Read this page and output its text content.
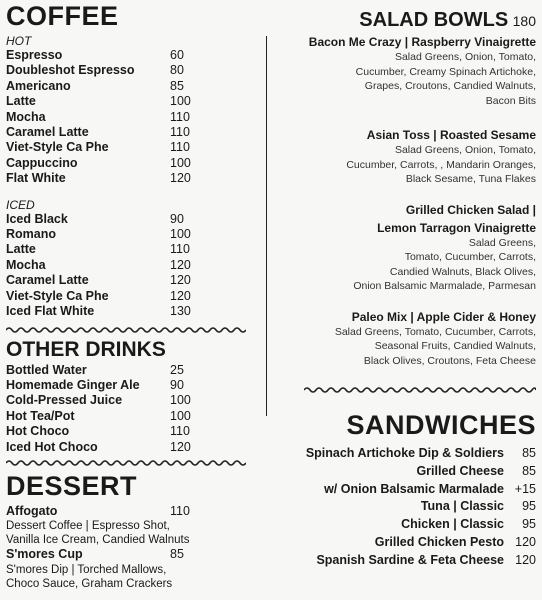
COFFEE

HOT

Espresso	60
Doubleshot Espresso	80
Americano	85
Latte	100
Mocha	110
Caramel Latte	110
Viet-Style Ca Phe	110
Cappuccino	100
Flat White	120

ICED

Iced Black	90
Romano	100
Latte	110
Mocha	120
Caramel Latte	120
Viet-Style Ca Phe	120
Iced Flat White	130
OTHER DRINKS
Bottled Water	25
Homemade Ginger Ale	90
Cold-Pressed Juice	100
Hot Tea/Pot	100
Hot Choco	110
Iced Hot Choco	120
DESSERT
Affogato	110
Dessert Coffee | Espresso Shot,
Vanilla Ice Cream, Candied Walnuts
S'mores Cup	85
S'mores Dip | Torched Mallows,
Choco Sauce, Graham Crackers
SALAD BOWLS 180
Bacon Me Crazy | Raspberry Vinaigrette
Salad Greens, Onion, Tomato,
Cucumber, Creamy Spinach Artichoke,
Grapes, Croutons, Candied Walnuts,
Bacon Bits
Asian Toss | Roasted Sesame
Salad Greens, Onion, Tomato,
Cucumber, Carrots, , Mandarin Oranges,
Black Sesame, Tuna Flakes
Grilled Chicken Salad |
Lemon Tarragon Vinaigrette
Salad Greens,
Tomato, Cucumber, Carrots,
Candied Walnuts, Black Olives,
Onion Balsamic Marmalade, Parmesan
Paleo Mix | Apple Cider & Honey
Salad Greens, Tomato, Cucumber, Carrots,
Seasonal Fruits, Candied Walnuts,
Black Olives, Croutons, Feta Cheese
SANDWICHES
Spinach Artichoke Dip & Soldiers	85
Grilled Cheese	85
w/ Onion Balsamic Marmalade +15
Tuna | Classic	95
Chicken | Classic	95
Grilled Chicken Pesto 120
Spanish Sardine & Feta Cheese 120
